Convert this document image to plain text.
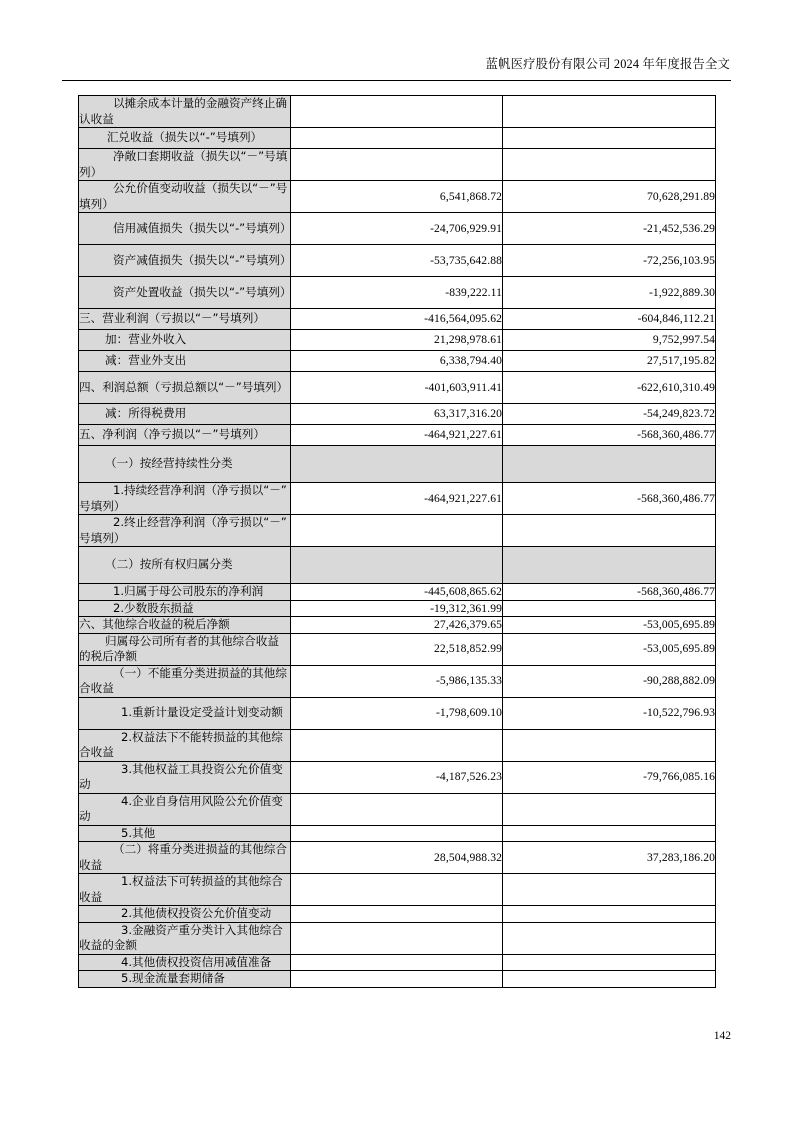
蓝帆医疗股份有限公司 2024 年年度报告全文
以摊余成本计量的金融资产终止确认收益		

汇兑收益（损失以“-”号填列）		

净敞口套期收益（损失以“－”号填列）		

公允价值变动收益（损失以“－”号填列）	6,541,868.72	70,628,291.89

信用减值损失（损失以“-”号填列）	-24,706,929.91	-21,452,536.29

资产减值损失（损失以“-”号填列）	-53,735,642.88	-72,256,103.95

资产处置收益（损失以“-”号填列）	-839,222.11	-1,922,889.30

三、营业利润（亏损以“－”号填列）	-416,564,095.62	-604,846,112.21

加：营业外收入	21,298,978.61	9,752,997.54

减：营业外支出	6,338,794.40	27,517,195.82

四、利润总额（亏损总额以“－”号填列）	-401,603,911.41	-622,610,310.49

减：所得税费用	63,317,316.20	-54,249,823.72

五、净利润（净亏损以“－”号填列）	-464,921,227.61	-568,360,486.77

（一）按经营持续性分类		

1.持续经营净利润（净亏损以“－”号填列）	-464,921,227.61	-568,360,486.77

2.终止经营净利润（净亏损以“－”号填列）		

（二）按所有权归属分类		

1.归属于母公司股东的净利润	-445,608,865.62	-568,360,486.77

2.少数股东损益	-19,312,361.99	

六、其他综合收益的税后净额	27,426,379.65	-53,005,695.89

归属母公司所有者的其他综合收益的税后净额	22,518,852.99	-53,005,695.89

（一）不能重分类进损益的其他综合收益	-5,986,135.33	-90,288,882.09

1.重新计量设定受益计划变动额	-1,798,609.10	-10,522,796.93

2.权益法下不能转损益的其他综合收益		

3.其他权益工具投资公允价值变动	-4,187,526.23	-79,766,085.16

4.企业自身信用风险公允价值变动		

5.其他		

（二）将重分类进损益的其他综合收益	28,504,988.32	37,283,186.20

1.权益法下可转损益的其他综合收益		

2.其他债权投资公允价值变动		

3.金融资产重分类计入其他综合收益的金额		

4.其他债权投资信用减值准备		

5.现金流量套期储备		

142
